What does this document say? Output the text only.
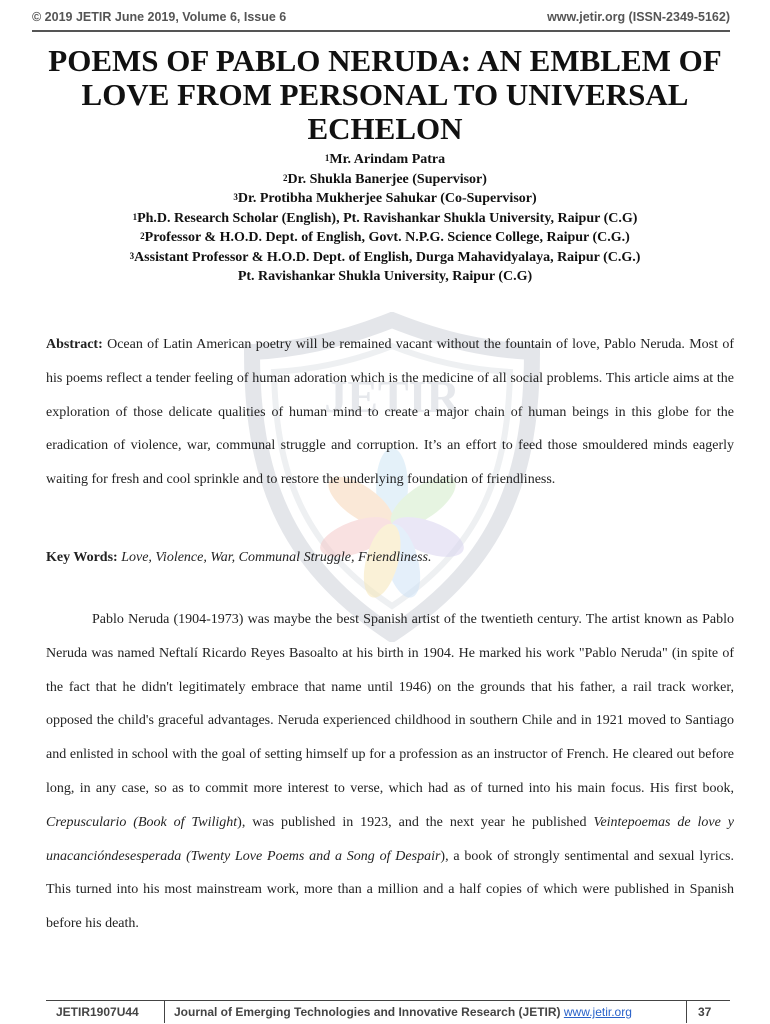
© 2019 JETIR June 2019, Volume 6, Issue 6	www.jetir.org (ISSN-2349-5162)
JETIR
POEMS OF PABLO NERUDA: AN EMBLEM OF LOVE FROM PERSONAL TO UNIVERSAL ECHELON
$^1$Mr. Arindam Patra
$^2$Dr. Shukla Banerjee (Supervisor)
$^3$Dr. Protibha Mukherjee Sahukar (Co-Supervisor)
$^1$Ph.D. Research Scholar (English), Pt. Ravishankar Shukla University, Raipur (C.G)
$^2$Professor & H.O.D. Dept. of English, Govt. N.P.G. Science College, Raipur (C.G.)
$^3$Assistant Professor & H.O.D. Dept. of English, Durga Mahavidyalaya, Raipur (C.G.)
Pt. Ravishankar Shukla University, Raipur (C.G)
Abstract: Ocean of Latin American poetry will be remained vacant without the fountain of love, Pablo Neruda. Most of his poems reflect a tender feeling of human adoration which is the medicine of all social problems. This article aims at the exploration of those delicate qualities of human mind to create a major chain of human beings in this globe for the eradication of violence, war, communal struggle and corruption. It’s an effort to feed those smouldered minds eagerly waiting for fresh and cool sprinkle and to restore the underlying foundation of friendliness.
Key Words: Love, Violence, War, Communal Struggle, Friendliness.
Pablo Neruda (1904-1973) was maybe the best Spanish artist of the twentieth century. The artist known as Pablo Neruda was named Neftalí Ricardo Reyes Basoalto at his birth in 1904. He marked his work "Pablo Neruda" (in spite of the fact that he didn't legitimately embrace that name until 1946) on the grounds that his father, a rail track worker, opposed the child's graceful advantages. Neruda experienced childhood in southern Chile and in 1921 moved to Santiago and enlisted in school with the goal of setting himself up for a profession as an instructor of French. He cleared out before long, in any case, so as to commit more interest to verse, which had as of turned into his main focus. His first book, Crepusculario (Book of Twilight), was published in 1923, and the next year he published Veintepoemas de love y unacancióndesesperada (Twenty Love Poems and a Song of Despair), a book of strongly sentimental and sexual lyrics. This turned into his most mainstream work, more than a million and a half copies of which were published in Spanish before his death.
JETIR1907U44	Journal of Emerging Technologies and Innovative Research (JETIR) www.jetir.org	37
